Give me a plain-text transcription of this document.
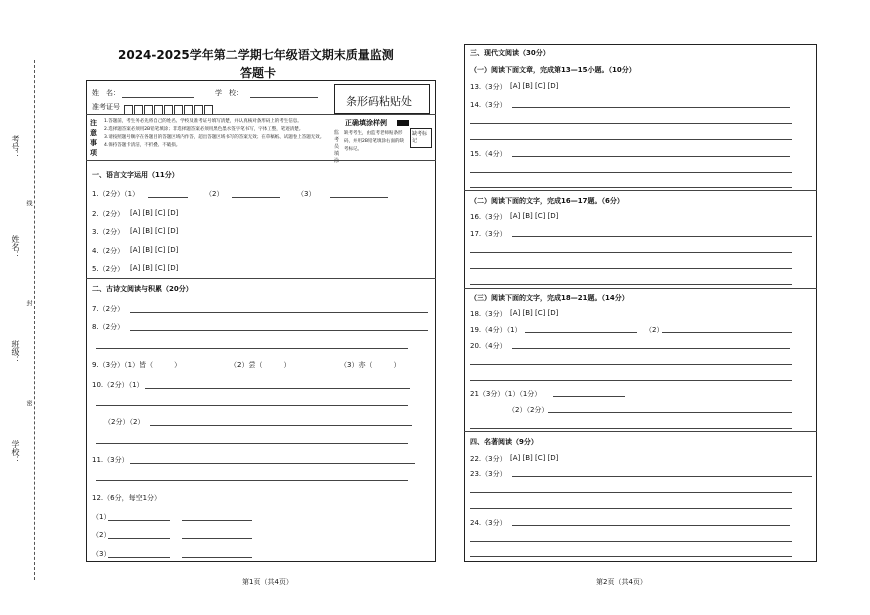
考号：
姓名：
班级：
学校：
线
封
密
2024-2025学年第二学期七年级语文期末质量监测
答题卡
姓　名：	学　校：
准考证号	条形码粘贴处
注意事项
1.答题前，考生务必先将自己的姓名、学校及准考证号填写清楚，并认真核对条形码上的考生信息。
2.选择题答案必须用2B铅笔填涂；非选择题答案必须用黑色墨水签字笔书写，字体工整，笔迹清楚。
3.请按照题号顺序在各题目的答题区域内作答，超出答题区域书写的答案无效；在草稿纸、试题卷上答题无效。
4.保持答题卡清洁，不折叠、不破损。
正确填涂样例
监考员填涂
缺考考生，由监考老师贴条形码，并用2B铅笔填涂右面的缺考标记。
缺考标记
一、语言文字运用（11分）
1.（2分）（1）	（2）	（3）
2.（2分） [A] [B] [C] [D]
3.（2分） [A] [B] [C] [D]
4.（2分） [A] [B] [C] [D]
5.（2分） [A] [B] [C] [D]
二、古诗文阅读与积累（20分）
7.（2分）
8.（2分）
9.（3分）（1）皆（　　　）	（2）尝（　　　）	（3）亦（　　　）
10.（2分）（1）
（2分）（2）
11.（3分）
12.（6分，每空1分）
（1）
（2）
（3）
第1页（共4页）
三、现代文阅读（30分）
（一）阅读下面文章，完成第13—15小题。（10分）
13.（3分） [A] [B] [C] [D]
14.（3分）
15.（4分）
（二）阅读下面的文字，完成16—17题。（6分）
16.（3分） [A] [B] [C] [D]
17.（3分）
（三）阅读下面的文字，完成18—21题。（14分）
18.（3分） [A] [B] [C] [D]
19.（4分）（1）	（2）
20.（4分）
21（3分）（1）（1分）
（2）（2分）
四、名著阅读（9分）
22.（3分） [A] [B] [C] [D]
23.（3分）
24.（3分）
第2页（共4页）
